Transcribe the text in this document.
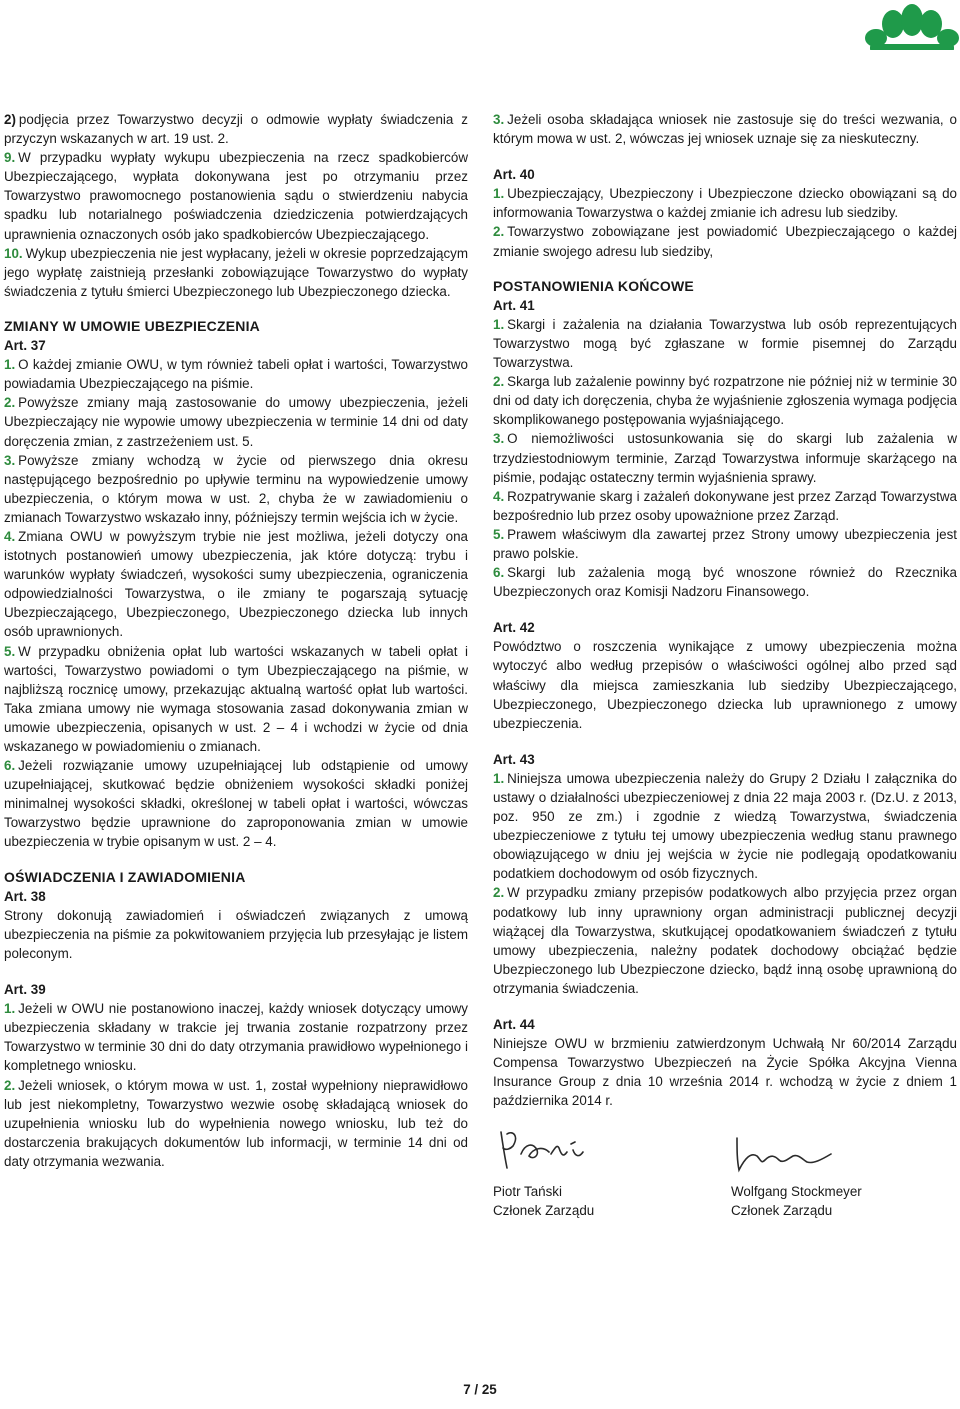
2) podjęcia przez Towarzystwo decyzji o odmowie wypłaty świadczenia z przyczyn wskazanych w art. 19 ust. 2.

9. W przypadku wypłaty wykupu ubezpieczenia na rzecz spadkobierców Ubezpieczającego, wypłata dokonywana jest po otrzymaniu przez Towarzystwo prawomocnego postanowienia sądu o stwierdzeniu nabycia spadku lub notarialnego poświadczenia dziedziczenia potwierdzających uprawnienia oznaczonych osób jako spadkobierców Ubezpieczającego.

10. Wykup ubezpieczenia nie jest wypłacany, jeżeli w okresie poprzedzającym jego wypłatę zaistnieją przesłanki zobowiązujące Towarzystwo do wypłaty świadczenia z tytułu śmierci Ubezpieczonego lub Ubezpieczonego dziecka.

ZMIANY W UMOWIE UBEZPIECZENIA

Art. 37

1. O każdej zmianie OWU, w tym również tabeli opłat i wartości, Towarzystwo powiadamia Ubezpieczającego na piśmie.

2. Powyższe zmiany mają zastosowanie do umowy ubezpieczenia, jeżeli Ubezpieczający nie wypowie umowy ubezpieczenia w terminie 14 dni od daty doręczenia zmian, z zastrzeżeniem ust. 5.

3. Powyższe zmiany wchodzą w życie od pierwszego dnia okresu następującego bezpośrednio po upływie terminu na wypowiedzenie umowy ubezpieczenia, o którym mowa w ust. 2, chyba że w zawiadomieniu o zmianach Towarzystwo wskazało inny, późniejszy termin wejścia ich w życie.

4. Zmiana OWU w powyższym trybie nie jest możliwa, jeżeli dotyczy ona istotnych postanowień umowy ubezpieczenia, jak które dotyczą: trybu i warunków wypłaty świadczeń, wysokości sumy ubezpieczenia, ograniczenia odpowiedzialności Towarzystwa, o ile zmiany te pogarszają sytuację Ubezpieczającego, Ubezpieczonego, Ubezpieczonego dziecka lub innych osób uprawnionych.

5. W przypadku obniżenia opłat lub wartości wskazanych w tabeli opłat i wartości, Towarzystwo powiadomi o tym Ubezpieczającego na piśmie, w najbliższą rocznicę umowy, przekazując aktualną wartość opłat lub wartości. Taka zmiana umowy nie wymaga stosowania zasad dokonywania zmian w umowie ubezpieczenia, opisanych w ust. 2 – 4 i wchodzi w życie od dnia wskazanego w powiadomieniu o zmianach.

6. Jeżeli rozwiązanie umowy uzupełniającej lub odstąpienie od umowy uzupełniającej, skutkować będzie obniżeniem wysokości składki poniżej minimalnej wysokości składki, określonej w tabeli opłat i wartości, wówczas Towarzystwo będzie uprawnione do zaproponowania zmian w umowie ubezpieczenia w trybie opisanym w ust. 2 – 4.

OŚWIADCZENIA I ZAWIADOMIENIA

Art. 38

Strony dokonują zawiadomień i oświadczeń związanych z umową ubezpieczenia na piśmie za pokwitowaniem przyjęcia lub przesyłając je listem poleconym.

Art. 39

1. Jeżeli w OWU nie postanowiono inaczej, każdy wniosek dotyczący umowy ubezpieczenia składany w trakcie jej trwania zostanie rozpatrzony przez Towarzystwo w terminie 30 dni do daty otrzymania prawidłowo wypełnionego i kompletnego wniosku.

2. Jeżeli wniosek, o którym mowa w ust. 1, został wypełniony nieprawidłowo lub jest niekompletny, Towarzystwo wezwie osobę składającą wniosek do uzupełnienia wniosku lub do wypełnienia nowego wniosku, lub też do dostarczenia brakujących dokumentów lub informacji, w terminie 14 dni od daty otrzymania wezwania.

3. Jeżeli osoba składająca wniosek nie zastosuje się do treści wezwania, o którym mowa w ust. 2, wówczas jej wniosek uznaje się za nieskuteczny.

Art. 40

1. Ubezpieczający, Ubezpieczony i Ubezpieczone dziecko obowiązani są do informowania Towarzystwa o każdej zmianie ich adresu lub siedziby.

2. Towarzystwo zobowiązane jest powiadomić Ubezpieczającego o każdej zmianie swojego adresu lub siedziby,

POSTANOWIENIA KOŃCOWE

Art. 41

1. Skargi i zażalenia na działania Towarzystwa lub osób reprezentujących Towarzystwo mogą być zgłaszane w formie pisemnej do Zarządu Towarzystwa.

2. Skarga lub zażalenie powinny być rozpatrzone nie później niż w terminie 30 dni od daty ich doręczenia, chyba że wyjaśnienie zgłoszenia wymaga podjęcia skomplikowanego postępowania wyjaśniającego.

3. O niemożliwości ustosunkowania się do skargi lub zażalenia w trzydziestodniowym terminie, Zarząd Towarzystwa informuje skarżącego na piśmie, podając ostateczny termin wyjaśnienia sprawy.

4. Rozpatrywanie skarg i zażaleń dokonywane jest przez Zarząd Towarzystwa bezpośrednio lub przez osoby upoważnione przez Zarząd.

5. Prawem właściwym dla zawartej przez Strony umowy ubezpieczenia jest prawo polskie.

6. Skargi lub zażalenia mogą być wnoszone również do Rzecznika Ubezpieczonych oraz Komisji Nadzoru Finansowego.

Art. 42

Powództwo o roszczenia wynikające z umowy ubezpieczenia można wytoczyć albo według przepisów o właściwości ogólnej albo przed sąd właściwy dla miejsca zamieszkania lub siedziby Ubezpieczającego, Ubezpieczonego, Ubezpieczonego dziecka lub uprawnionego z umowy ubezpieczenia.

Art. 43

1. Niniejsza umowa ubezpieczenia należy do Grupy 2 Działu I załącznika do ustawy o działalności ubezpieczeniowej z dnia 22 maja 2003 r. (Dz.U. z 2013, poz. 950 ze zm.) i zgodnie z wiedzą Towarzystwa, świadczenia ubezpieczeniowe z tytułu tej umowy ubezpieczenia według stanu prawnego obowiązującego w dniu jej wejścia w życie nie podlegają opodatkowaniu podatkiem dochodowym od osób fizycznych.

2. W przypadku zmiany przepisów podatkowych albo przyjęcia przez organ podatkowy lub inny uprawniony organ administracji publicznej decyzji wiążącej dla Towarzystwa, skutkującej opodatkowaniem świadczeń z tytułu umowy ubezpieczenia, należny podatek dochodowy obciążać będzie Ubezpieczonego lub Ubezpieczone dziecko, bądź inną osobę uprawnioną do otrzymania świadczenia.

Art. 44

Niniejsze OWU w brzmieniu zatwierdzonym Uchwałą Nr 60/2014 Zarządu Compensa Towarzystwo Ubezpieczeń na Życie Spółka Akcyjna Vienna Insurance Group z dnia 10 września 2014 r. wchodzą w życie z dniem 1 października 2014 r.

Piotr Tański
Członek Zarządu
Wolfgang Stockmeyer
Członek Zarządu
7 / 25
